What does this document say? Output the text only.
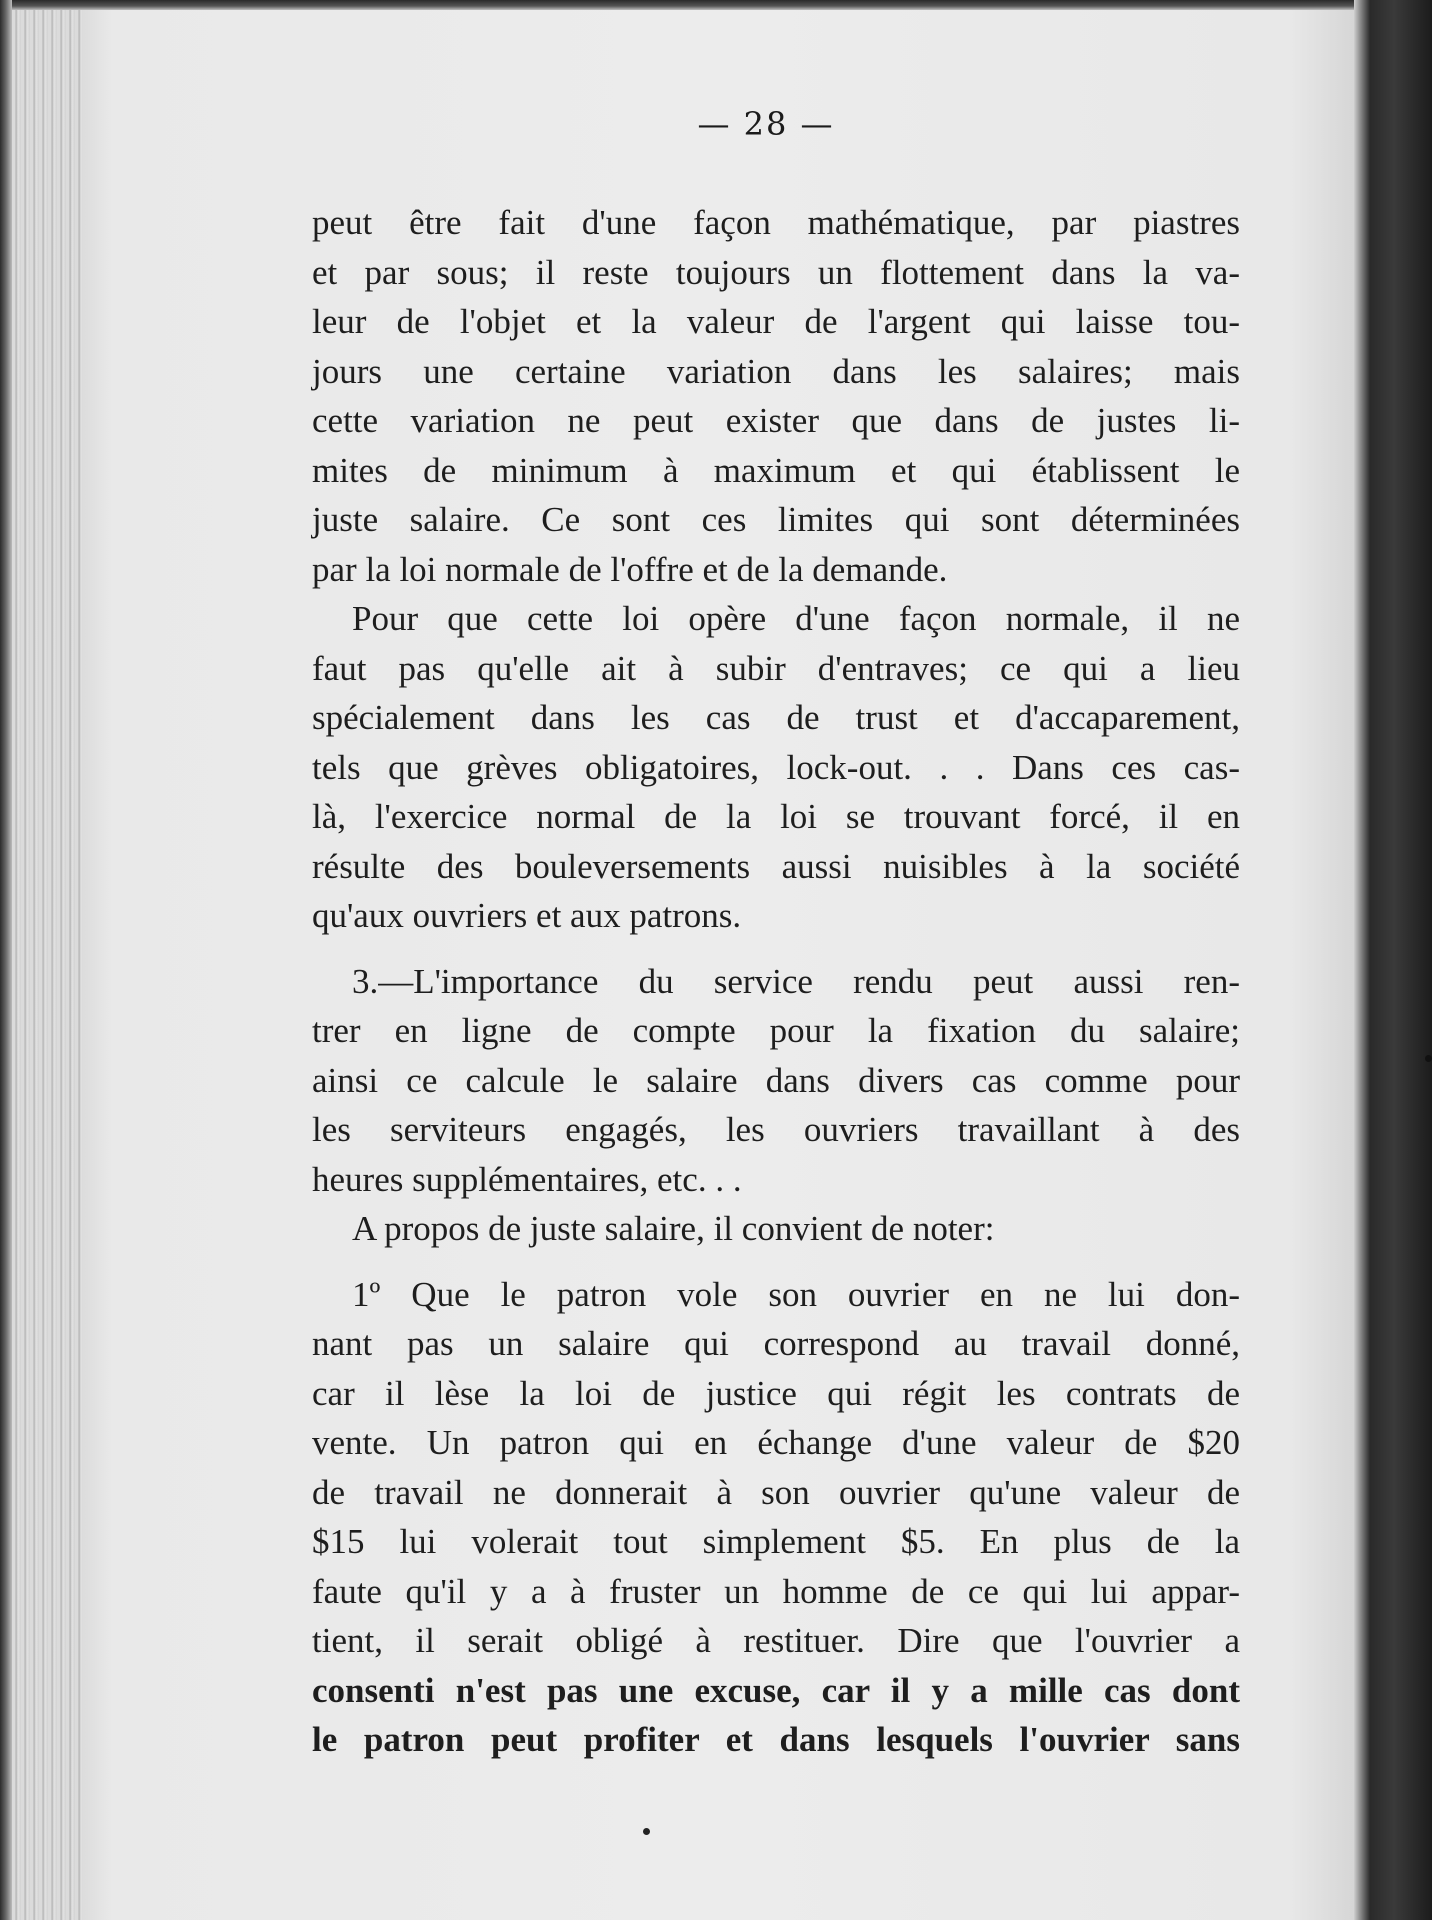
— 28 —
peut être fait d'une façon mathématique, par piastres
et par sous; il reste toujours un flottement dans la va-
leur de l'objet et la valeur de l'argent qui laisse tou-
jours une certaine variation dans les salaires; mais
cette variation ne peut exister que dans de justes li-
mites de minimum à maximum et qui établissent le
juste salaire. Ce sont ces limites qui sont déterminées
par la loi normale de l'offre et de la demande.
Pour que cette loi opère d'une façon normale, il ne
faut pas qu'elle ait à subir d'entraves; ce qui a lieu
spécialement dans les cas de trust et d'accaparement,
tels que grèves obligatoires, lock-out. . . Dans ces cas-
là, l'exercice normal de la loi se trouvant forcé, il en
résulte des bouleversements aussi nuisibles à la société
qu'aux ouvriers et aux patrons.
3.—L'importance du service rendu peut aussi ren-
trer en ligne de compte pour la fixation du salaire;
ainsi ce calcule le salaire dans divers cas comme pour
les serviteurs engagés, les ouvriers travaillant à des
heures supplémentaires, etc. . .
A propos de juste salaire, il convient de noter:
1º Que le patron vole son ouvrier en ne lui don-
nant pas un salaire qui correspond au travail donné,
car il lèse la loi de justice qui régit les contrats de
vente. Un patron qui en échange d'une valeur de $20
de travail ne donnerait à son ouvrier qu'une valeur de
$15 lui volerait tout simplement $5. En plus de la
faute qu'il y a à fruster un homme de ce qui lui appar-
tient, il serait obligé à restituer. Dire que l'ouvrier a
consenti n'est pas une excuse, car il y a mille cas dont
le patron peut profiter et dans lesquels l'ouvrier sans
